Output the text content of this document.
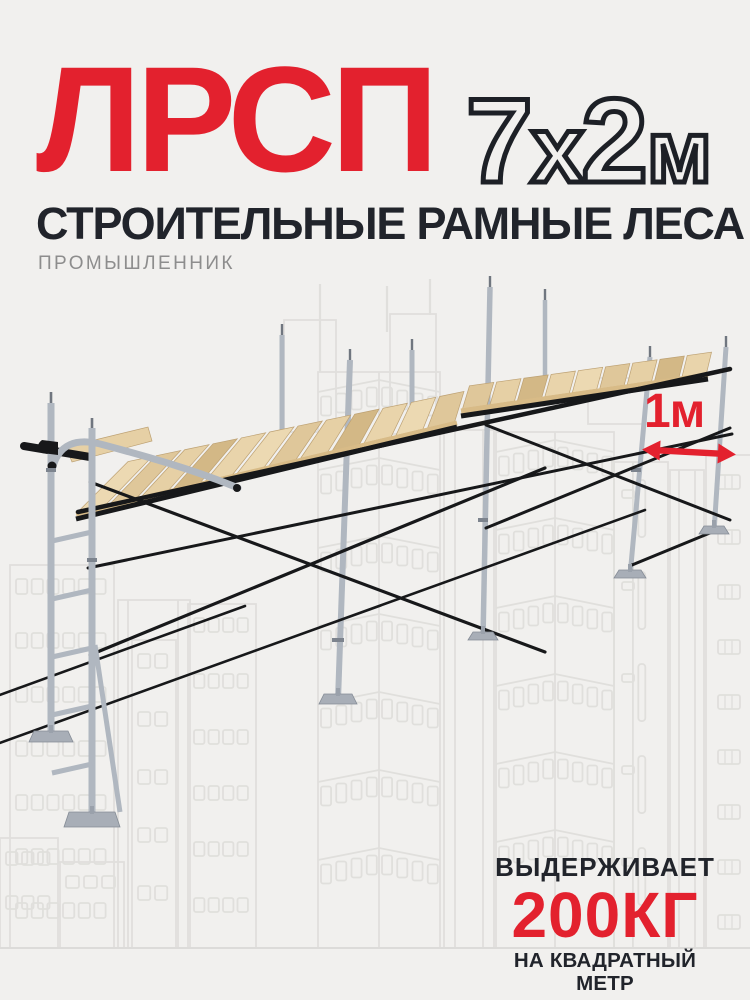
ЛРСП 7х2м
СТРОИТЕЛЬНЫЕ РАМНЫЕ ЛЕСА
ПРОМЫШЛЕННИК
1м
ВЫДЕРЖИВАЕТ
200КГ
НА КВАДРАТНЫЙ МЕТР
